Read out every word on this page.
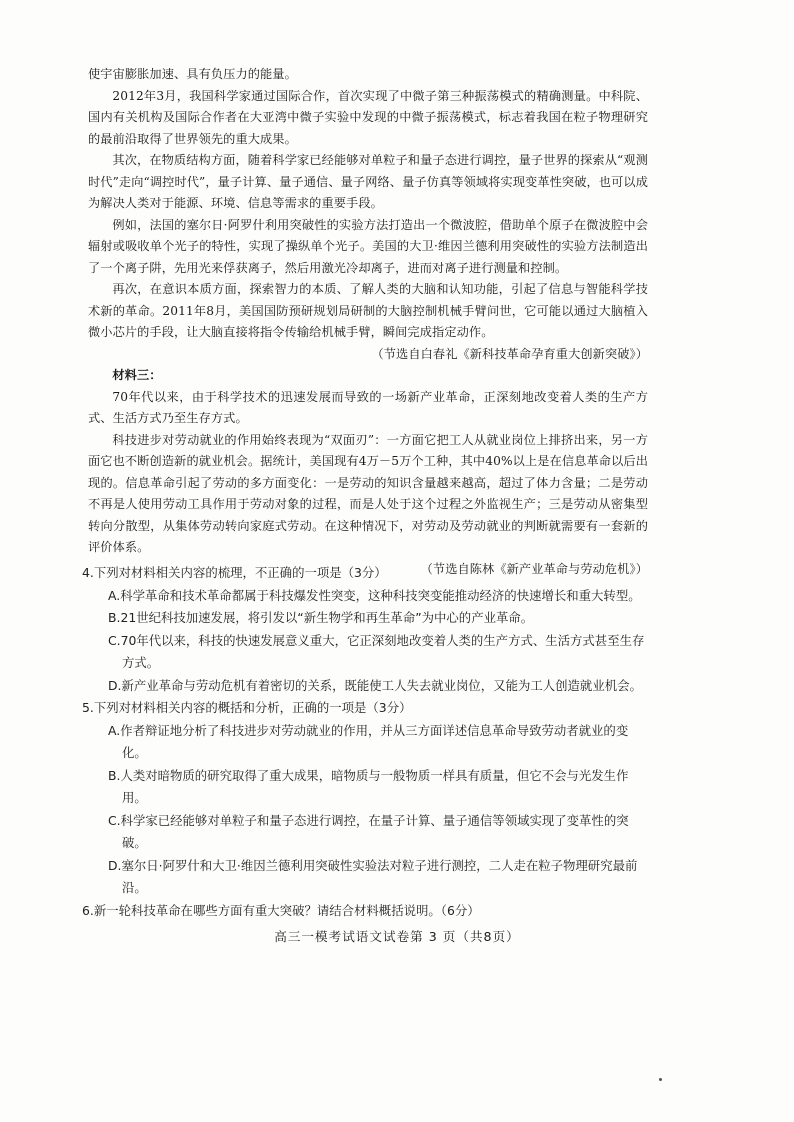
使宇宙膨胀加速、具有负压力的能量。

2012年3月，我国科学家通过国际合作，首次实现了中微子第三种振荡模式的精确测量。中科院、国内有关机构及国际合作者在大亚湾中微子实验中发现的中微子振荡模式，标志着我国在粒子物理研究的最前沿取得了世界领先的重大成果。

其次，在物质结构方面，随着科学家已经能够对单粒子和量子态进行调控，量子世界的探索从“观测时代”走向“调控时代”，量子计算、量子通信、量子网络、量子仿真等领域将实现变革性突破，也可以成为解决人类对于能源、环境、信息等需求的重要手段。

例如，法国的塞尔日·阿罗什利用突破性的实验方法打造出一个微波腔，借助单个原子在微波腔中会辐射或吸收单个光子的特性，实现了操纵单个光子。美国的大卫·维因兰德利用突破性的实验方法制造出了一个离子阱，先用光来俘获离子，然后用激光冷却离子，进而对离子进行测量和控制。

再次，在意识本质方面，探索智力的本质、了解人类的大脑和认知功能，引起了信息与智能科学技术新的革命。2011年8月，美国国防预研规划局研制的大脑控制机械手臂问世，它可能以通过大脑植入微小芯片的手段，让大脑直接将指令传输给机械手臂，瞬间完成指定动作。

（节选自白春礼《新科技革命孕育重大创新突破》）

材料三：

70年代以来，由于科学技术的迅速发展而导致的一场新产业革命，正深刻地改变着人类的生产方式、生活方式乃至生存方式。

科技进步对劳动就业的作用始终表现为“双面刃”：一方面它把工人从就业岗位上排挤出来，另一方面它也不断创造新的就业机会。据统计，美国现有4万－5万个工种，其中40%以上是在信息革命以后出现的。信息革命引起了劳动的多方面变化：一是劳动的知识含量越来越高，超过了体力含量；二是劳动不再是人使用劳动工具作用于劳动对象的过程，而是人处于这个过程之外监视生产；三是劳动从密集型转向分散型，从集体劳动转向家庭式劳动。在这种情况下，对劳动及劳动就业的判断就需要有一套新的评价体系。

（节选自陈林《新产业革命与劳动危机》）

4.下列对材料相关内容的梳理，不正确的一项是（3分）

A.科学革命和技术革命都属于科技爆发性突变，这种科技突变能推动经济的快速增长和重大转型。

B.21世纪科技加速发展，将引发以“新生物学和再生革命”为中心的产业革命。

C.70年代以来，科技的快速发展意义重大，它正深刻地改变着人类的生产方式、生活方式甚至生存方式。

D.新产业革命与劳动危机有着密切的关系，既能使工人失去就业岗位，又能为工人创造就业机会。

5.下列对材料相关内容的概括和分析，正确的一项是（3分）

A.作者辩证地分析了科技进步对劳动就业的作用，并从三方面详述信息革命导致劳动者就业的变化。

B.人类对暗物质的研究取得了重大成果，暗物质与一般物质一样具有质量，但它不会与光发生作用。

C.科学家已经能够对单粒子和量子态进行调控，在量子计算、量子通信等领域实现了变革性的突破。

D.塞尔日·阿罗什和大卫·维因兰德利用突破性实验法对粒子进行测控，二人走在粒子物理研究最前沿。

6.新一轮科技革命在哪些方面有重大突破？请结合材料概括说明。（6分）

高三一模考试语文试卷第 3 页（共8页）
